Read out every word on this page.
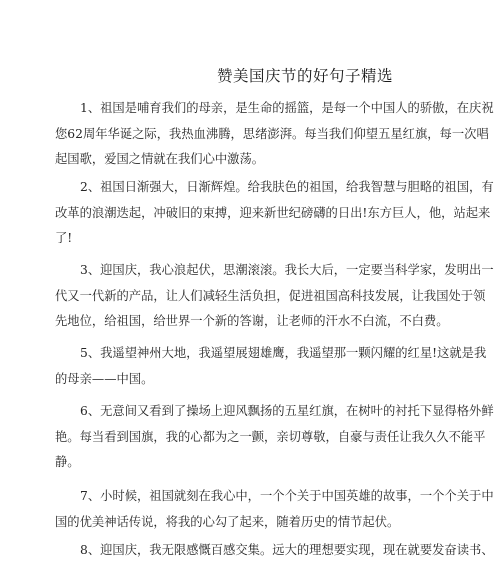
赞美国庆节的好句子精选
1、祖国是哺育我们的母亲，是生命的摇篮，是每一个中国人的骄傲，在庆祝
您62周年华诞之际，我热血沸腾，思绪澎湃。每当我们仰望五星红旗，每一次唱
起国歌，爱国之情就在我们心中激荡。
2、祖国日渐强大，日渐辉煌。给我肤色的祖国，给我智慧与胆略的祖国，有
改革的浪潮迭起，冲破旧的束搏，迎来新世纪磅礴的日出!东方巨人，他，站起来
了!
3、迎国庆，我心浪起伏，思潮滚滚。我长大后，一定要当科学家，发明出一
代又一代新的产品，让人们减轻生活负担，促进祖国高科技发展，让我国处于领
先地位，给祖国，给世界一个新的答谢，让老师的汗水不白流，不白费。
5、我遥望神州大地，我遥望展翅雄鹰，我遥望那一颗闪耀的红星!这就是我
的母亲——中国。
6、无意间又看到了操场上迎风飘扬的五星红旗，在树叶的衬托下显得格外鲜
艳。每当看到国旗，我的心都为之一颤，亲切尊敬，自豪与责任让我久久不能平
静。
7、小时候，祖国就刻在我心中，一个个关于中国英雄的故事，一个个关于中
国的优美神话传说，将我的心勾了起来，随着历史的情节起伏。
8、迎国庆，我无限感慨百感交集。远大的理想要实现，现在就要发奋读书、
